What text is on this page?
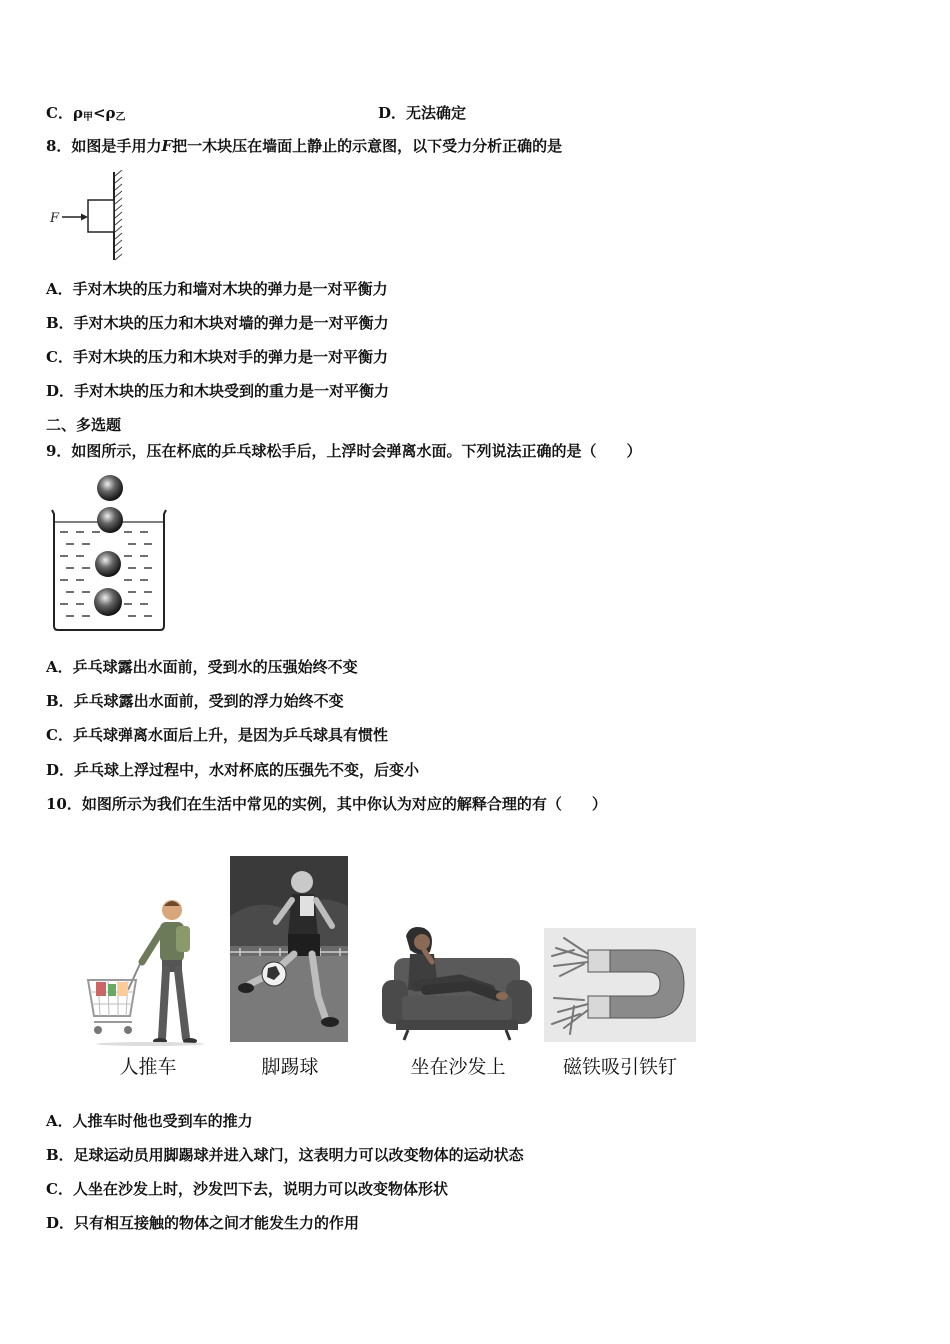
C．$\rho_甲<\rho_乙$	D．无法确定
8．如图是手用力F把一木块压在墙面上静止的示意图，以下受力分析正确的是
F
A．手对木块的压力和墙对木块的弹力是一对平衡力
B．手对木块的压力和木块对墙的弹力是一对平衡力
C．手对木块的压力和木块对手的弹力是一对平衡力
D．手对木块的压力和木块受到的重力是一对平衡力
二、多选题
9．如图所示，压在杯底的乒乓球松手后，上浮时会弹离水面。下列说法正确的是（　　）
A．乒乓球露出水面前，受到水的压强始终不变
B．乒乓球露出水面前，受到的浮力始终不变
C．乒乓球弹离水面后上升，是因为乒乓球具有惯性
D．乒乓球上浮过程中，水对杯底的压强先不变，后变小
10．如图所示为我们在生活中常见的实例，其中你认为对应的解释合理的有（　　）
人推车	脚踢球	坐在沙发上	磁铁吸引铁钉
A．人推车时他也受到车的推力
B．足球运动员用脚踢球并进入球门，这表明力可以改变物体的运动状态
C．人坐在沙发上时，沙发凹下去，说明力可以改变物体形状
D．只有相互接触的物体之间才能发生力的作用
